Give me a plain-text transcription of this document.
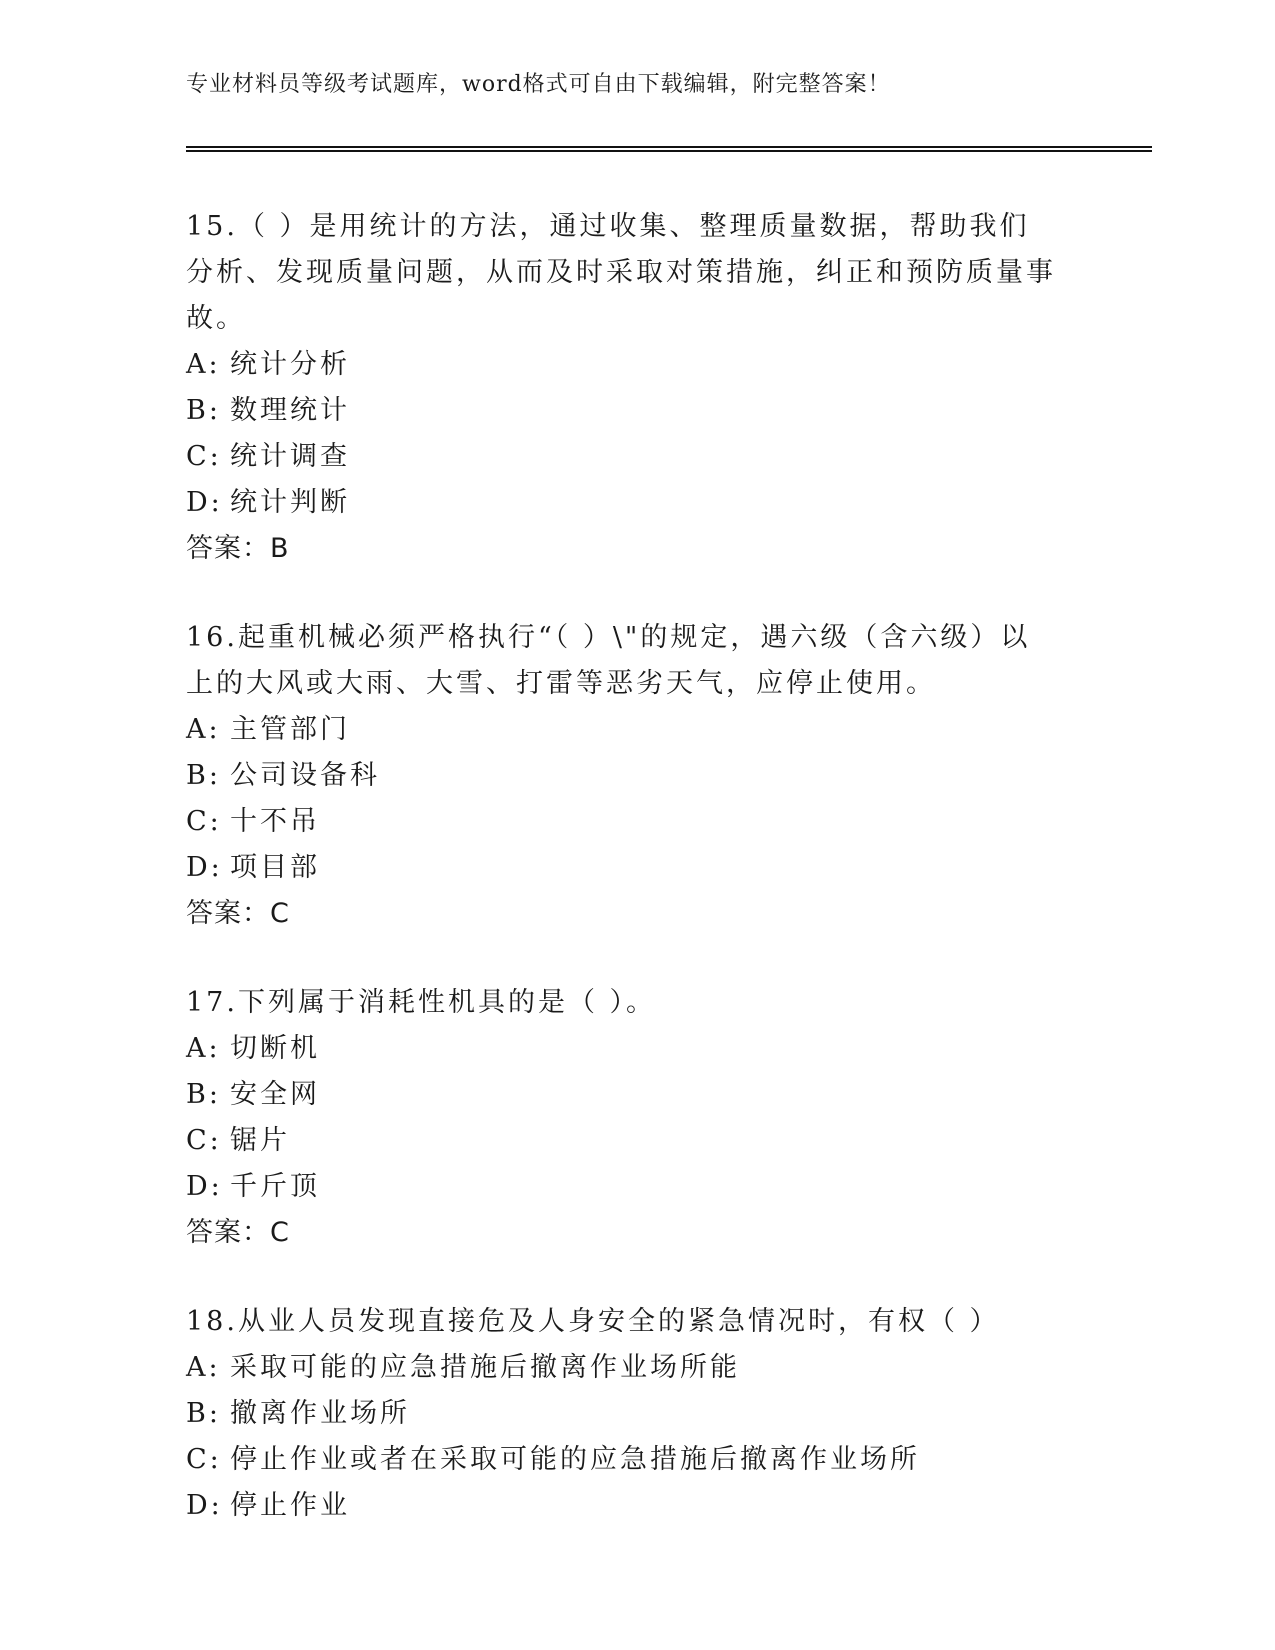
专业材料员等级考试题库，word格式可自由下载编辑，附完整答案！

15.（ ）是用统计的方法，通过收集、整理质量数据，帮助我们分析、发现质量问题，从而及时采取对策措施，纠正和预防质量事故。

A: 统计分析

B: 数理统计

C: 统计调查

D: 统计判断

答案：B

16.起重机械必须严格执行“（ ）\"的规定，遇六级（含六级）以上的大风或大雨、大雪、打雷等恶劣天气，应停止使用。

A: 主管部门

B: 公司设备科

C: 十不吊

D: 项目部

答案：C

17.下列属于消耗性机具的是（ ）。

A: 切断机

B: 安全网

C: 锯片

D: 千斤顶

答案：C

18.从业人员发现直接危及人身安全的紧急情况时，有权（ ）

A: 采取可能的应急措施后撤离作业场所能

B: 撤离作业场所

C: 停止作业或者在采取可能的应急措施后撤离作业场所

D: 停止作业
